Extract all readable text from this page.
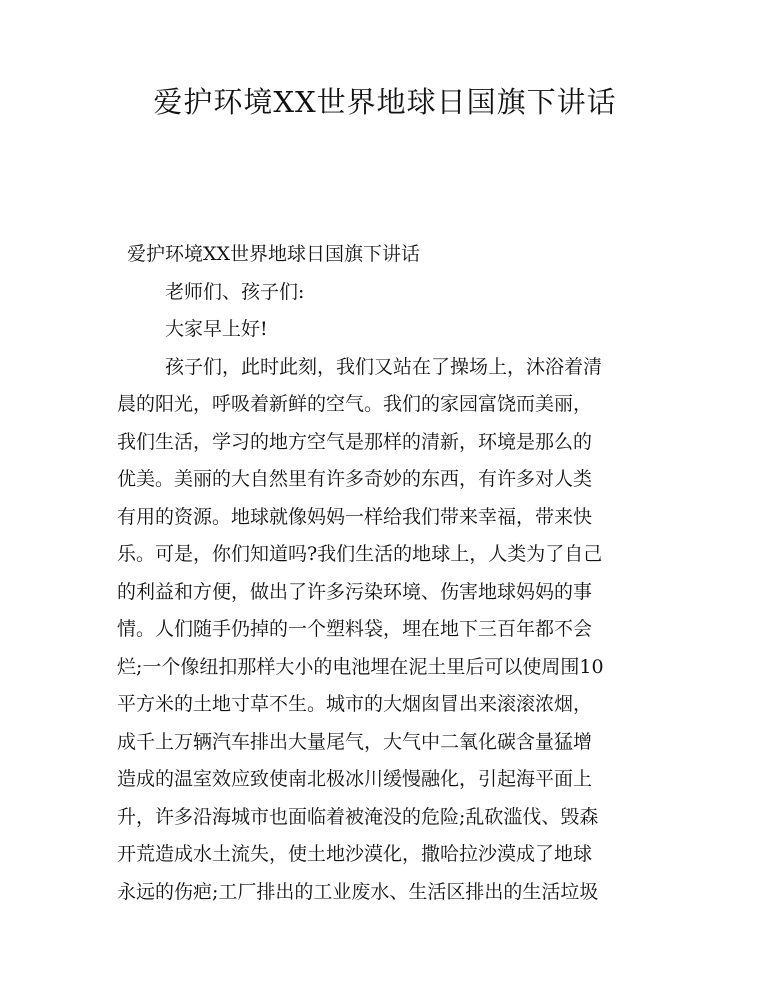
爱护环境XX世界地球日国旗下讲话
爱护环境XX世界地球日国旗下讲话
老师们、孩子们:
大家早上好!
孩子们，此时此刻，我们又站在了操场上，沐浴着清
晨的阳光，呼吸着新鲜的空气。我们的家园富饶而美丽，
我们生活，学习的地方空气是那样的清新，环境是那么的
优美。美丽的大自然里有许多奇妙的东西，有许多对人类
有用的资源。地球就像妈妈一样给我们带来幸福，带来快
乐。可是，你们知道吗?我们生活的地球上，人类为了自己
的利益和方便，做出了许多污染环境、伤害地球妈妈的事
情。人们随手仍掉的一个塑料袋，埋在地下三百年都不会
烂;一个像纽扣那样大小的电池埋在泥土里后可以使周围10
平方米的土地寸草不生。城市的大烟囱冒出来滚滚浓烟，
成千上万辆汽车排出大量尾气，大气中二氧化碳含量猛增
造成的温室效应致使南北极冰川缓慢融化，引起海平面上
升，许多沿海城市也面临着被淹没的危险;乱砍滥伐、毁森
开荒造成水土流失，使土地沙漠化，撒哈拉沙漠成了地球
永远的伤疤;工厂排出的工业废水、生活区排出的生活垃圾
